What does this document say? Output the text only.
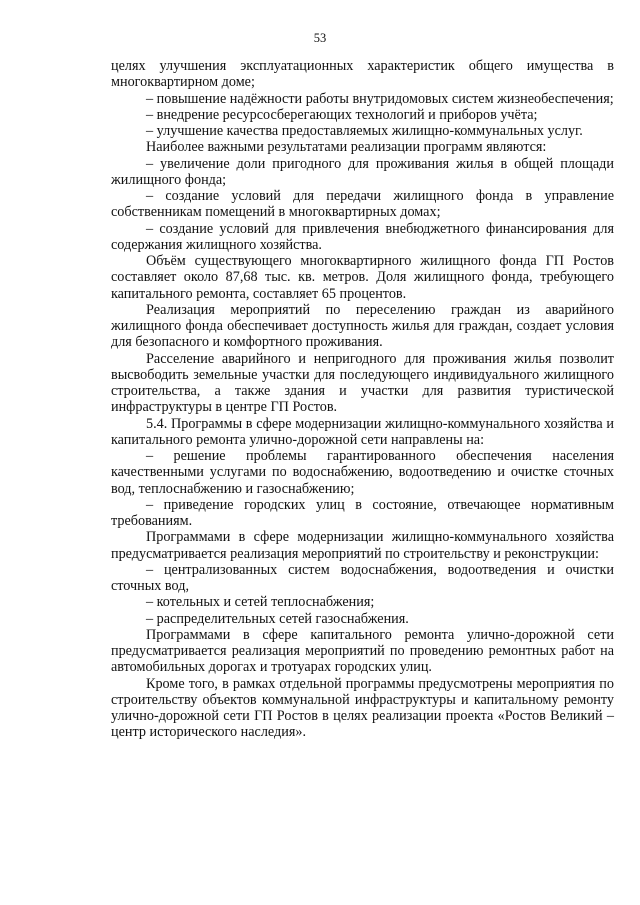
53

целях улучшения эксплуатационных характеристик общего имущества в многоквартирном доме;

– повышение надёжности работы внутридомовых систем жизнеобеспечения;

– внедрение ресурсосберегающих технологий и приборов учёта;

– улучшение качества предоставляемых жилищно-коммунальных услуг.

Наиболее важными результатами реализации программ являются:

– увеличение доли пригодного для проживания жилья в общей площади жилищного фонда;

– создание условий для передачи жилищного фонда в управление собственникам помещений в многоквартирных домах;

– создание условий для привлечения внебюджетного финансирования для содержания жилищного хозяйства.

Объём существующего многоквартирного жилищного фонда ГП Ростов составляет около 87,68 тыс. кв. метров. Доля жилищного фонда, требующего капитального ремонта, составляет 65 процентов.

Реализация мероприятий по переселению граждан из аварийного жилищного фонда обеспечивает доступность жилья для граждан, создает условия для безопасного и комфортного проживания.

Расселение аварийного и непригодного для проживания жилья позволит высвободить земельные участки для последующего индивидуального жилищного строительства, а также здания и участки для развития туристической инфраструктуры в центре ГП Ростов.

5.4. Программы в сфере модернизации жилищно-коммунального хозяйства и капитального ремонта улично-дорожной сети направлены на:

– решение проблемы гарантированного обеспечения населения качественными услугами по водоснабжению, водоотведению и очистке сточных вод, теплоснабжению и газоснабжению;

– приведение городских улиц в состояние, отвечающее нормативным требованиям.

Программами в сфере модернизации жилищно-коммунального хозяйства предусматривается реализация мероприятий по строительству и реконструкции:

– централизованных систем водоснабжения, водоотведения и очистки сточных вод,

– котельных и сетей теплоснабжения;

– распределительных сетей газоснабжения.

Программами в сфере капитального ремонта улично-дорожной сети предусматривается реализация мероприятий по проведению ремонтных работ на автомобильных дорогах и тротуарах городских улиц.

Кроме того, в рамках отдельной программы предусмотрены мероприятия по строительству объектов коммунальной инфраструктуры и капитальному ремонту улично-дорожной сети ГП Ростов в целях реализации проекта «Ростов Великий – центр исторического наследия».
